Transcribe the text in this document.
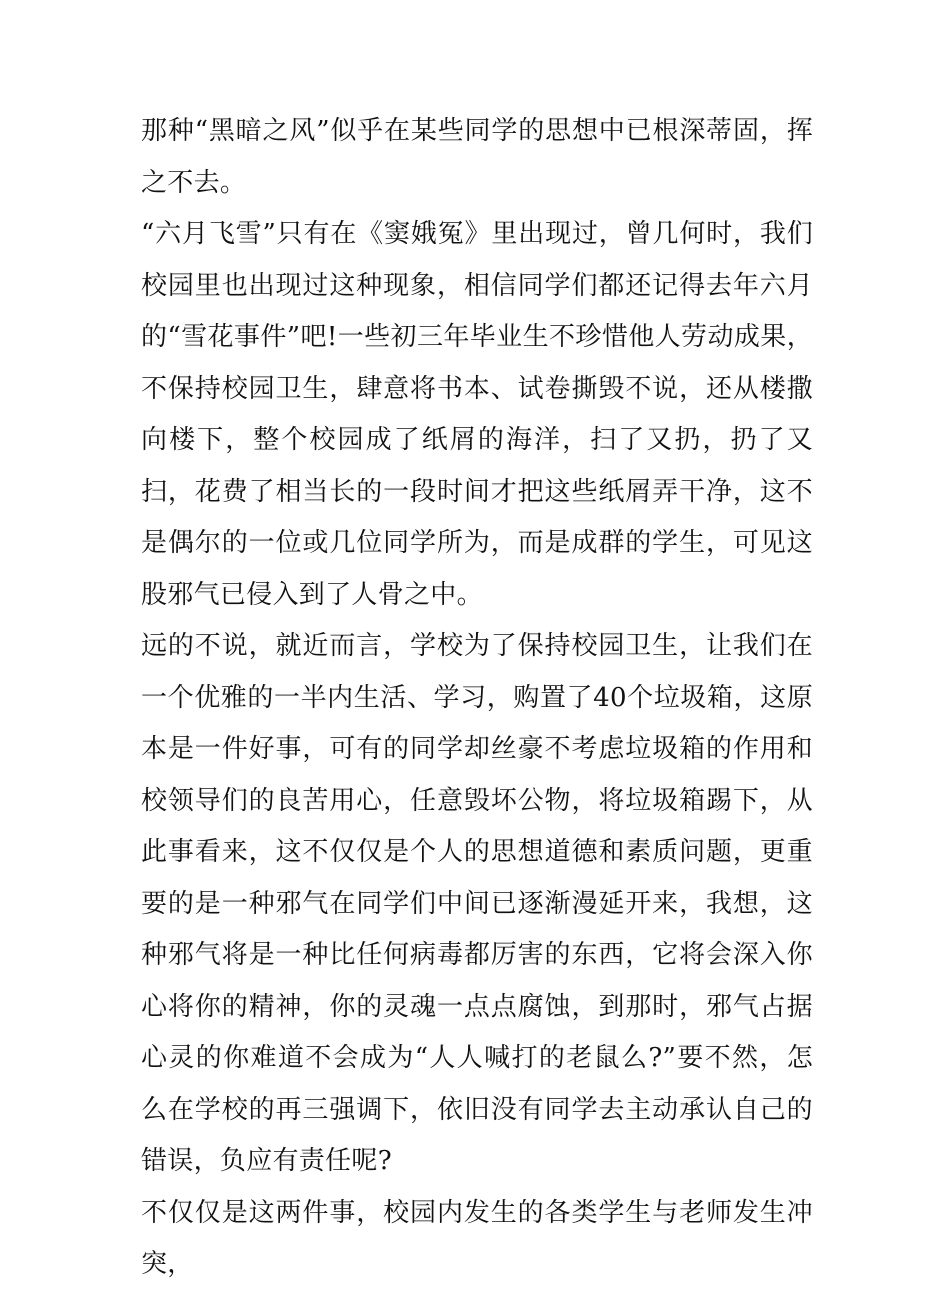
那种“黑暗之风”似乎在某些同学的思想中已根深蒂固，挥之不去。

“六月飞雪”只有在《窦娥冤》里出现过，曾几何时，我们校园里也出现过这种现象，相信同学们都还记得去年六月的“雪花事件”吧!一些初三年毕业生不珍惜他人劳动成果，不保持校园卫生，肆意将书本、试卷撕毁不说，还从楼撒向楼下，整个校园成了纸屑的海洋，扫了又扔，扔了又扫，花费了相当长的一段时间才把这些纸屑弄干净，这不是偶尔的一位或几位同学所为，而是成群的学生，可见这股邪气已侵入到了人骨之中。

远的不说，就近而言，学校为了保持校园卫生，让我们在一个优雅的一半内生活、学习，购置了40个垃圾箱，这原本是一件好事，可有的同学却丝豪不考虑垃圾箱的作用和校领导们的良苦用心，任意毁坏公物，将垃圾箱踢下，从此事看来，这不仅仅是个人的思想道德和素质问题，更重要的是一种邪气在同学们中间已逐渐漫延开来，我想，这种邪气将是一种比任何病毒都厉害的东西，它将会深入你心将你的精神，你的灵魂一点点腐蚀，到那时，邪气占据心灵的你难道不会成为“人人喊打的老鼠么?”要不然，怎么在学校的再三强调下，依旧没有同学去主动承认自己的错误，负应有责任呢?

不仅仅是这两件事，校园内发生的各类学生与老师发生冲突，
